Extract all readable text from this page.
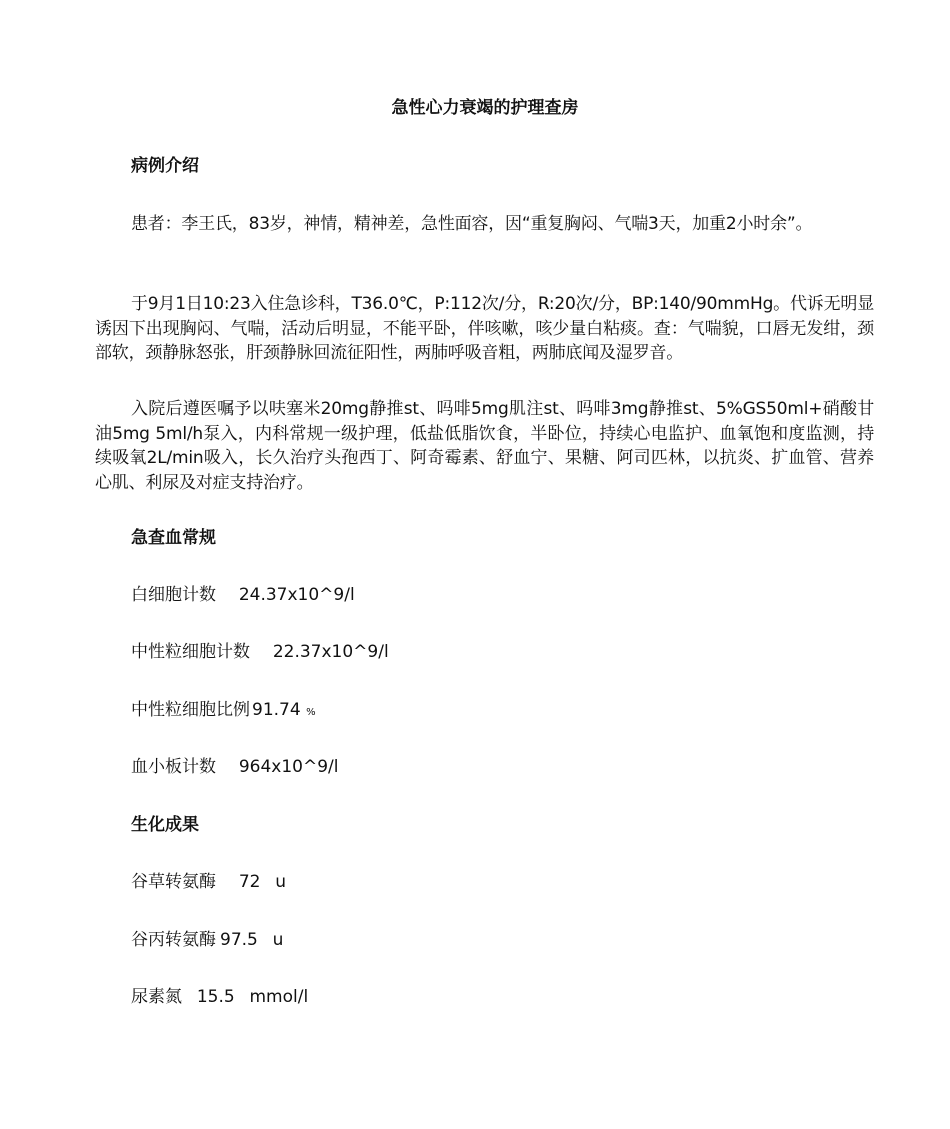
急性心力衰竭的护理查房
病例介绍
患者：李王氏，83岁，神情，精神差，急性面容，因“重复胸闷、气喘3天，加重2小时余”。
于9月1日10:23入住急诊科，T36.0℃，P:112次/分，R:20次/分，BP:140/90mmHg。代诉无明显诱因下出现胸闷、气喘，活动后明显，不能平卧，伴咳嗽，咳少量白粘痰。查：气喘貌，口唇无发绀，颈部软，颈静脉怒张，肝颈静脉回流征阳性，两肺呼吸音粗，两肺底闻及湿罗音。
入院后遵医嘱予以呋塞米20mg静推st、吗啡5mg肌注st、吗啡3mg静推st、5%GS50ml+硝酸甘油5mg 5ml/h泵入，内科常规一级护理，低盐低脂饮食，半卧位，持续心电监护、血氧饱和度监测，持续吸氧2L/min吸入，长久治疗头孢西丁、阿奇霉素、舒血宁、果糖、阿司匹林，以抗炎、扩血管、营养心肌、利尿及对症支持治疗。
急查血常规
白细胞计数 24.37x10^9/l
中性粒细胞计数 22.37x10^9/l
中性粒细胞比例 91.74 %
血小板计数 964x10^9/l
生化成果
谷草转氨酶 72 u
谷丙转氨酶 97.5 u
尿素氮 15.5 mmol/l
